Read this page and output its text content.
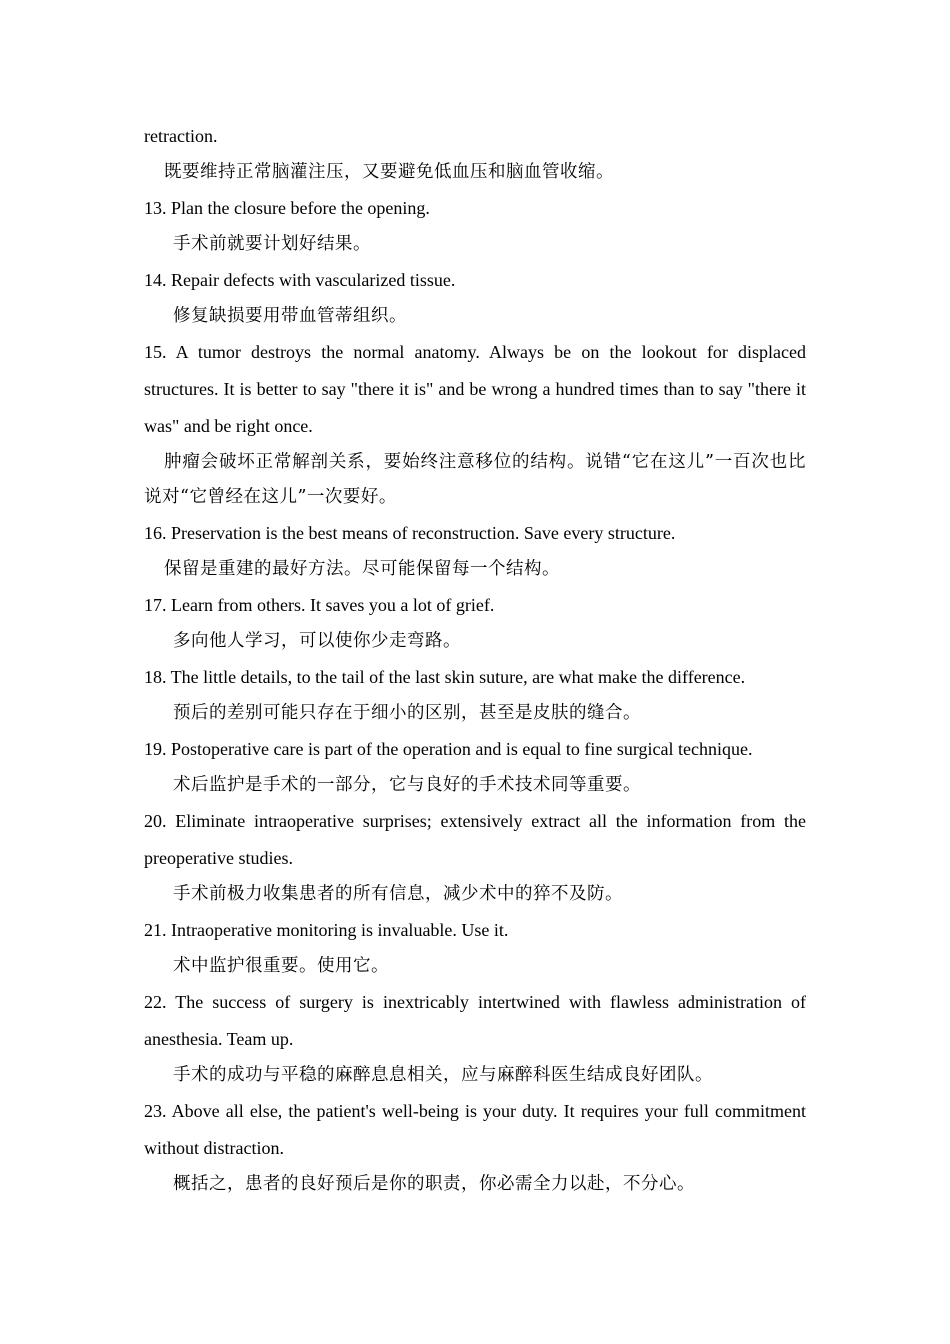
retraction.

既要维持正常脑灌注压，又要避免低血压和脑血管收缩。

13. Plan the closure before the opening.

手术前就要计划好结果。

14. Repair defects with vascularized tissue.

修复缺损要用带血管蒂组织。

15. A tumor destroys the normal anatomy. Always be on the lookout for displaced structures. It is better to say "there it is" and be wrong a hundred times than to say "there it was" and be right once.

肿瘤会破坏正常解剖关系，要始终注意移位的结构。说错“它在这儿”一百次也比说对“它曾经在这儿”一次要好。

16. Preservation is the best means of reconstruction. Save every structure.

保留是重建的最好方法。尽可能保留每一个结构。

17. Learn from others. It saves you a lot of grief.

多向他人学习，可以使你少走弯路。

18. The little details, to the tail of the last skin suture, are what make the difference.

预后的差别可能只存在于细小的区别，甚至是皮肤的缝合。

19. Postoperative care is part of the operation and is equal to fine surgical technique.

术后监护是手术的一部分，它与良好的手术技术同等重要。

20. Eliminate intraoperative surprises; extensively extract all the information from the preoperative studies.

手术前极力收集患者的所有信息，减少术中的猝不及防。

21. Intraoperative monitoring is invaluable. Use it.

术中监护很重要。使用它。

22. The success of surgery is inextricably intertwined with flawless administration of anesthesia. Team up.

手术的成功与平稳的麻醉息息相关，应与麻醉科医生结成良好团队。

23. Above all else, the patient's well-being is your duty. It requires your full commitment without distraction.

概括之，患者的良好预后是你的职责，你必需全力以赴，不分心。
